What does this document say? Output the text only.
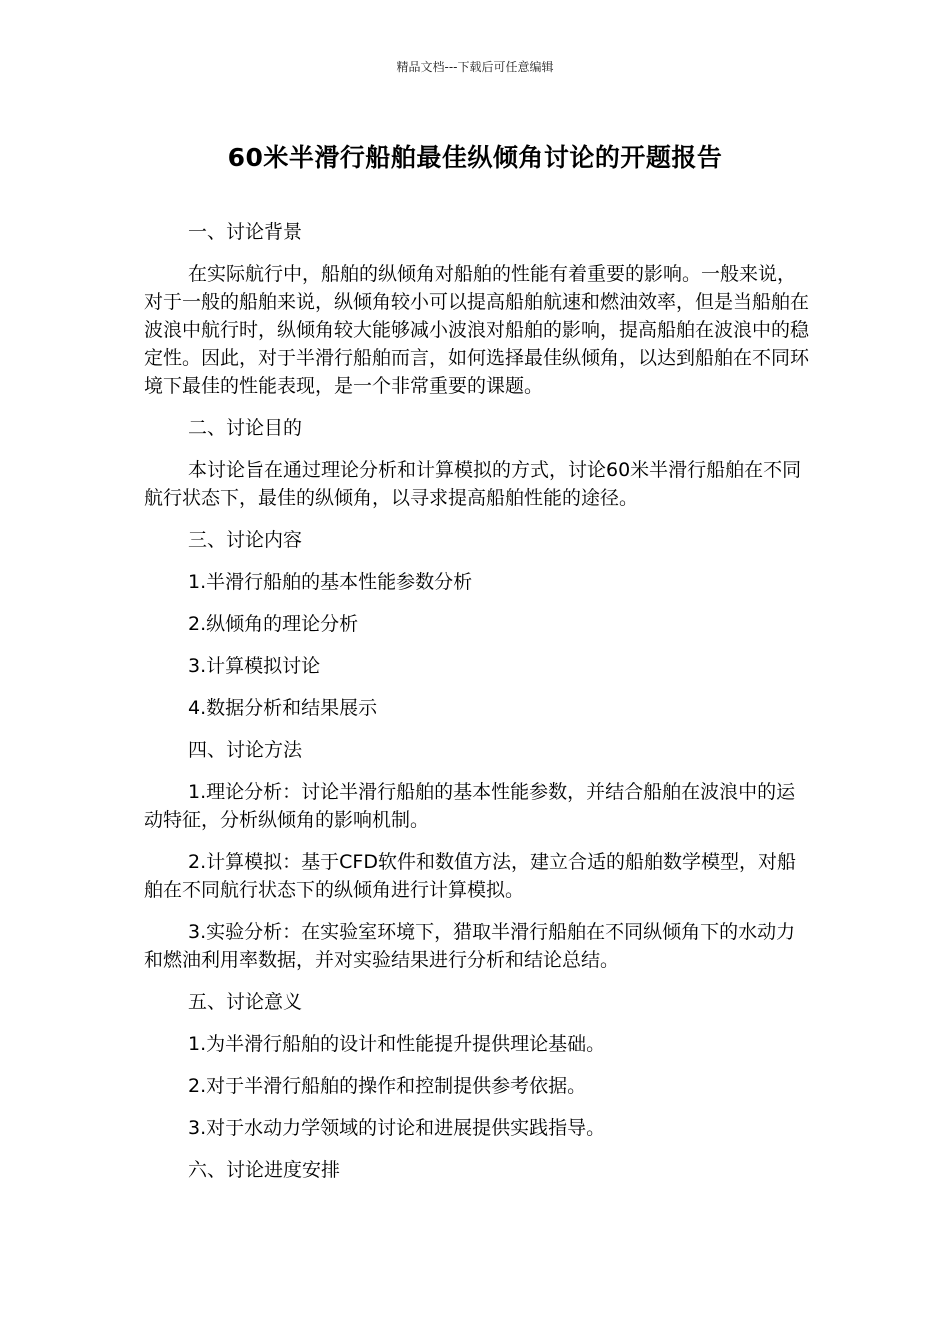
精品文档---下载后可任意编辑
60米半滑行船舶最佳纵倾角讨论的开题报告

一、讨论背景

在实际航行中，船舶的纵倾角对船舶的性能有着重要的影响。一般来说，对于一般的船舶来说，纵倾角较小可以提高船舶航速和燃油效率，但是当船舶在波浪中航行时，纵倾角较大能够减小波浪对船舶的影响，提高船舶在波浪中的稳定性。因此，对于半滑行船舶而言，如何选择最佳纵倾角，以达到船舶在不同环境下最佳的性能表现，是一个非常重要的课题。

二、讨论目的

本讨论旨在通过理论分析和计算模拟的方式，讨论60米半滑行船舶在不同航行状态下，最佳的纵倾角，以寻求提高船舶性能的途径。

三、讨论内容

1.半滑行船舶的基本性能参数分析

2.纵倾角的理论分析

3.计算模拟讨论

4.数据分析和结果展示

四、讨论方法

1.理论分析：讨论半滑行船舶的基本性能参数，并结合船舶在波浪中的运动特征，分析纵倾角的影响机制。

2.计算模拟：基于CFD软件和数值方法，建立合适的船舶数学模型，对船舶在不同航行状态下的纵倾角进行计算模拟。

3.实验分析：在实验室环境下，猎取半滑行船舶在不同纵倾角下的水动力和燃油利用率数据，并对实验结果进行分析和结论总结。

五、讨论意义

1.为半滑行船舶的设计和性能提升提供理论基础。

2.对于半滑行船舶的操作和控制提供参考依据。

3.对于水动力学领域的讨论和进展提供实践指导。

六、讨论进度安排
